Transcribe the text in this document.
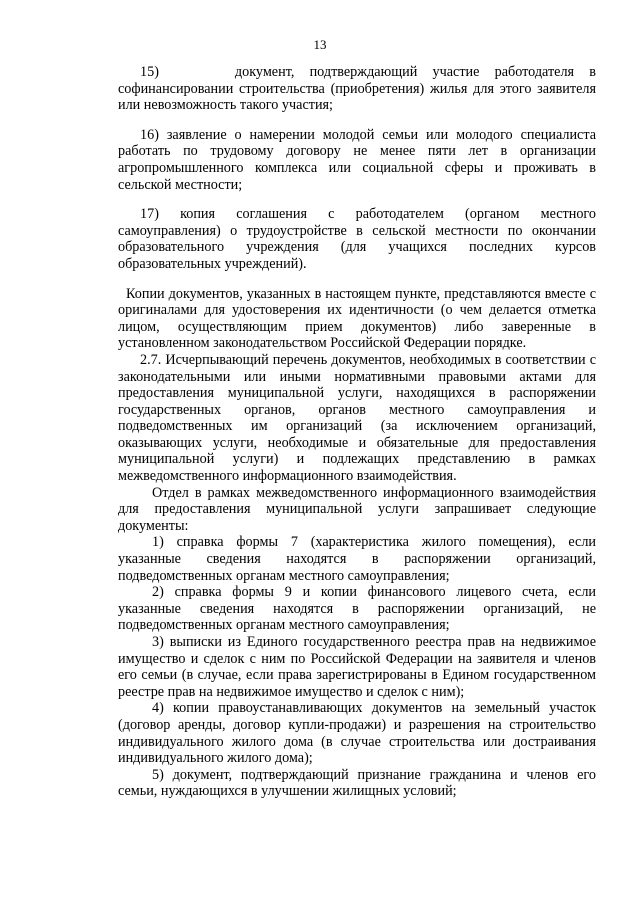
13

15)     документ, подтверждающий участие работодателя в софинансировании строительства (приобретения) жилья для этого заявителя или невозможность такого участия;

16) заявление о намерении молодой семьи или молодого специалиста работать по трудовому договору не менее пяти лет в организации агропромышленного комплекса или социальной сферы и проживать в сельской местности;

17) копия соглашения с работодателем (органом местного самоуправления) о трудоустройстве в сельской местности по окончании образовательного учреждения (для учащихся последних курсов образовательных учреждений).

Копии документов, указанных в настоящем пункте, представляются вместе с оригиналами для удостоверения их идентичности (о чем делается отметка лицом, осуществляющим прием документов) либо заверенные в установленном законодательством Российской Федерации порядке.

2.7. Исчерпывающий перечень документов, необходимых в соответствии с законодательными или иными нормативными правовыми актами для предоставления муниципальной услуги, находящихся в распоряжении государственных органов, органов местного самоуправления и подведомственных им организаций (за исключением организаций, оказывающих услуги, необходимые и обязательные для предоставления муниципальной услуги) и подлежащих представлению в рамках межведомственного информационного взаимодействия.

Отдел в рамках межведомственного информационного взаимодействия для предоставления муниципальной услуги запрашивает следующие документы:

1) справка формы 7 (характеристика жилого помещения), если указанные сведения находятся в распоряжении организаций, подведомственных органам местного самоуправления;

2) справка формы 9 и копии финансового лицевого счета, если указанные сведения находятся в распоряжении организаций, не подведомственных органам местного самоуправления;

3) выписки из Единого государственного реестра прав на недвижимое имущество и сделок с ним по Российской Федерации на заявителя и членов его семьи (в случае, если права зарегистрированы в Едином государственном реестре прав на недвижимое имущество и сделок с ним);

4) копии правоустанавливающих документов на земельный участок (договор аренды, договор купли-продажи) и разрешения на строительство индивидуального жилого дома (в случае строительства или достраивания индивидуального жилого дома);

5) документ, подтверждающий признание гражданина и членов его семьи, нуждающихся в улучшении жилищных условий;
